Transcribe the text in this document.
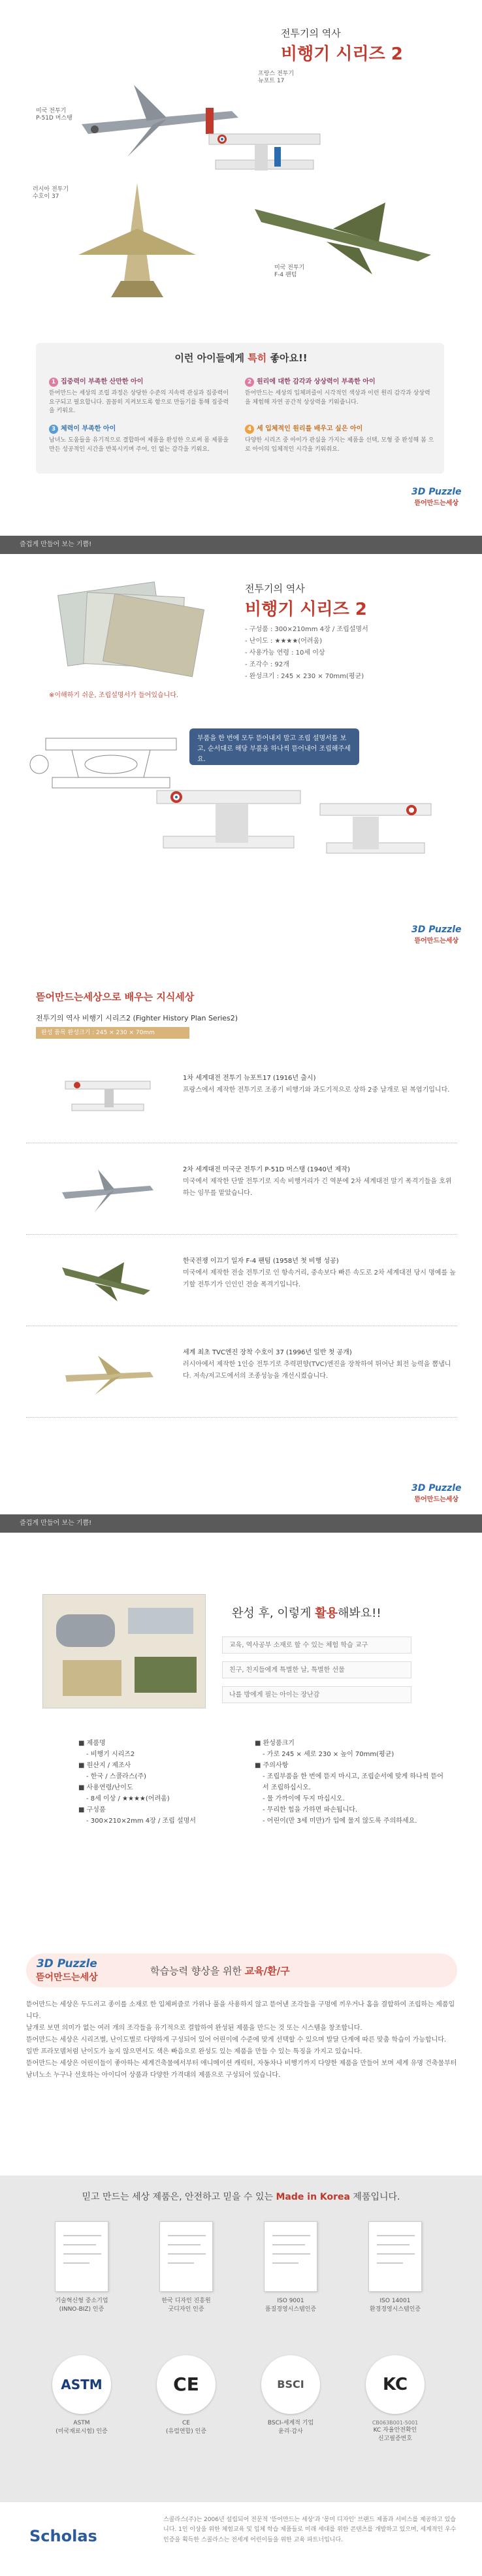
전투기의 역사
비행기 시리즈 2
프랑스 전투기
뉴포트 17
미국 전투기
P-51D 머스탱
러시아 전투기
수호이 37
미국 전투기
F-4 팬텀
이런 아이들에게 특히 좋아요!!
1 집중력이 부족한 산만한 아이
뜯어만드는 세상의 조립 과정은 상당한 수준의 지속력 관심과 집중력이 요구되고 필요합니다. 꼼꼼히 지켜보도록 함으로 만들기를 통해 집중력을 키워요.
2 원리에 대한 감각과 상상력이 부족한 아이
뜯어만드는 세상의 입체퍼즐이 시각적인 색상과 이런 원리 감각과 상상력을 체험해 자연 공간적 상상력을 키워줍니다.
3 체력이 부족한 아이
남녀노 도움들을 유기적으로 결합하여 제품을 완성한 으로써 몸 제품을 만든 성공적인 시간을 반복시키며 주어, 인 없는 감각을 키워요.
4 세 입체적인 원리를 배우고 싶은 아이
다양한 시리즈 중 아이가 관심을 가지는 제품을 선택, 모형 중 완성해 봄 으로 아이의 입체적인 시각을 키워줘요.
3D Puzzle
뜯어만드는세상
즐겁게 만들어 보는 기쁨!
전투기의 역사
비행기 시리즈 2
- 구성품 : 300×210mm 4장 / 조립설명서
- 난이도 : ★★★★(어려움)
- 사용가능 연령 : 10세 이상
- 조각수 : 92개
- 완성크기 : 245 × 230 × 70mm(평균)
※이해하기 쉬운, 조립설명서가 들어있습니다.
부품을 한 번에 모두 뜯어내지 말고 조립 설명서를 보고, 순서대로 해당 부품을 하나씩 뜯어내어 조립해주세요.
3D Puzzle
뜯어만드는세상
뜯어만드는세상으로 배우는 지식세상
전투기의 역사 비행기 시리즈2 (Fighter History Plan Series2)
완성 품목 완성크기 : 245 × 230 × 70mm
1차 세계대전 전투기 뉴포트17 (1916년 출시)
프랑스에서 제작한 전투기로 조종기 비행기와 과도기적으로 상하 2중 날개로 된 복엽기입니다.
2차 세계대전 미국군 전투기 P-51D 머스탱 (1940년 제작)
미국에서 제작한 단발 전투기로 지속 비행거리가 긴 역분에 2차 세계대전 말기 폭격기들을 호위하는 임무를 맡았습니다.
한국전쟁 이끄기 일자 F-4 팬텀 (1958년 첫 비행 성공)
미국에서 제작한 전술 전투기로 인 항속거리, 중속보다 빠른 속도로 2차 세계대전 당시 명예를 높기할 전투기가 인인인 전술 폭격기입니다.
세계 최초 TVC엔진 장착 수호이 37 (1996년 일반 첫 공개)
러시아에서 제작한 1인승 전투기로 추력편향(TVC)엔진을 장착하여 뛰어난 회전 능력을 뽐냅니다. 저속/저고도에서의 조종성능을 개선시켰습니다.
3D Puzzle
뜯어만드는세상
즐겁게 만들어 보는 기쁨!
완성 후, 이렇게 활용해봐요!!
교육, 역사공부 소재로 할 수 있는 체험 학습 교구
친구, 친지들에게 특별한 날, 특별한 선물
나를 방에게 필는 아이는 장난감
■ 제품명
- 비행기 시리즈2
■ 원산지 / 제조사
- 한국 / 스콜라스(주)
■ 사용연령/난이도
- 8세 이상 / ★★★★(어려움)
■ 구성품
- 300×210×2mm 4장 / 조립 설명서
■ 완성품크기
- 가로 245 × 세로 230 × 높이 70mm(평균)
■ 주의사항
- 조립부품을 한 번에 뜯지 마시고, 조립순서에 맞게 하나씩 뜯어서 조립하십시오.
- 물 가까이에 두지 마십시오.
- 무리한 힘을 가하면 파손됩니다.
- 어린이(만 3세 미만)가 입에 물지 않도록 주의하세요.
3D Puzzle
뜯어만드는세상
학습능력 향상을 위한 교육/환/구

뜯어만드는 세상은 두드러고 종이를 소재로 한 입체퍼즐로 가위나 풀을 사용하지 않고 뜯어낸 조각들을 구멍에 끼우거나 홈을 결합하여 조립하는 제품입니다.

날개로 보면 의미가 없는 여러 개의 조각들을 유기적으로 결합하여 완성된 제품을 만드는 것 또는 시스템을 창조합니다.

뜯어만드는 세상은 시리즈별, 난이도별로 다양하게 구성되어 있어 어린이에 수준에 맞게 선택할 수 있으며 발달 단계에 따른 맞춤 학습이 가능합니다.

일반 프라모델처럼 난이도가 높지 않으면서도 색은 빠음으로 완성도 있는 제품을 만들 수 있는 특징을 가지고 있습니다.

뜯어만드는 세상은 어린이들이 좋아하는 세계건축물에서부터 애니메이션 캐릭터, 자동차나 비행기까지 다양한 제품을 만들어 보며 세계 유명 건축물부터 남녀노소 누구나 선호하는 아이디어 상품과 다양한 가격대의 제품으로 구성되어 있습니다.

믿고 만드는 세상 제품은, 안전하고 믿을 수 있는 Made in Korea 제품입니다.
기술혁신형 중소기업
(INNO-BIZ) 인증
한국 디자인 진흥원
굿디자인 인증
ISO 9001
품질경영시스템인증
ISO 14001
환경경영시스템인증
ASTM
ASTM
(미국재료시험) 인증
CE
CE
(유럽연합) 인증
BSCI
BSCI-세계적 기업
윤리·감사
KC
CB063B001-5001
KC 자율안전확인
신고필증번호
Scholas
스콜라스(주)는 2006년 설립되어 전문적 '뜯어만드는 세상'과 '몽미 디자인' 브랜드 제품과 서비스를 제공하고 있습니다. 1인 이상을 위한 체험교육 및 입체 학습 제품들로 미래 세대를 위한 콘텐츠를 개발하고 있으며, 세계적인 우수 인증을 획득한 스콜라스는 전세계 어린이들을 위한 교육 파트너입니다.
